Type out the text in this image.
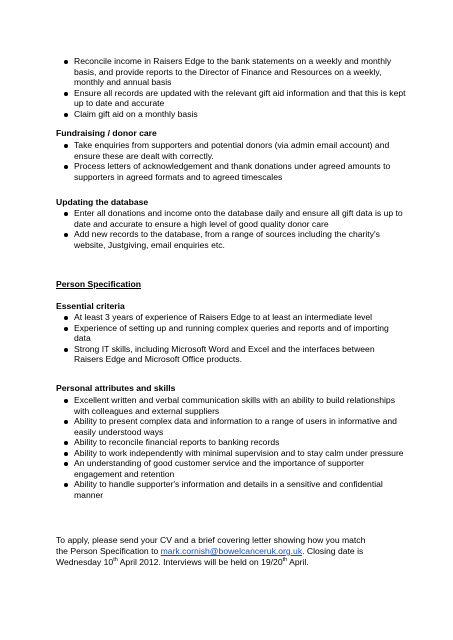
Reconcile income in Raisers Edge to the bank statements on a weekly and monthly basis, and provide reports to the Director of Finance and Resources on a weekly, monthly and annual basis
Ensure all records are updated with the relevant gift aid information and that this is kept up to date and accurate
Claim gift aid on a monthly basis
Fundraising / donor care
Take enquiries from supporters and potential donors (via admin email account) and ensure these are dealt with correctly.
Process letters of acknowledgement and thank donations under agreed amounts to supporters in agreed formats and to agreed timescales
Updating the database
Enter all donations and income onto the database daily and ensure all gift data is up to date and accurate to ensure a high level of good quality donor care
Add new records to the database, from a range of sources including the charity's website, Justgiving, email enquiries etc.
Person Specification
Essential criteria
At least 3 years of experience of Raisers Edge to at least an intermediate level
Experience of setting up and running complex queries and reports and of importing data
Strong IT skills, including Microsoft Word and Excel and the interfaces between Raisers Edge and Microsoft Office products.
Personal attributes and skills
Excellent written and verbal communication skills with an ability to build relationships with colleagues and external suppliers
Ability to present complex data and information to a range of users in informative and easily understood ways
Ability to reconcile financial reports to banking records
Ability to work independently with minimal supervision and to stay calm under pressure
An understanding of good customer service and the importance of supporter engagement and retention
Ability to handle supporter's information and details in a sensitive and confidential manner
To apply, please send your CV and a brief covering letter showing how you match
the Person Specification to mark.cornish@bowelcanceruk.org.uk. Closing date is
Wednesday 10th April 2012. Interviews will be held on 19/20th April.
